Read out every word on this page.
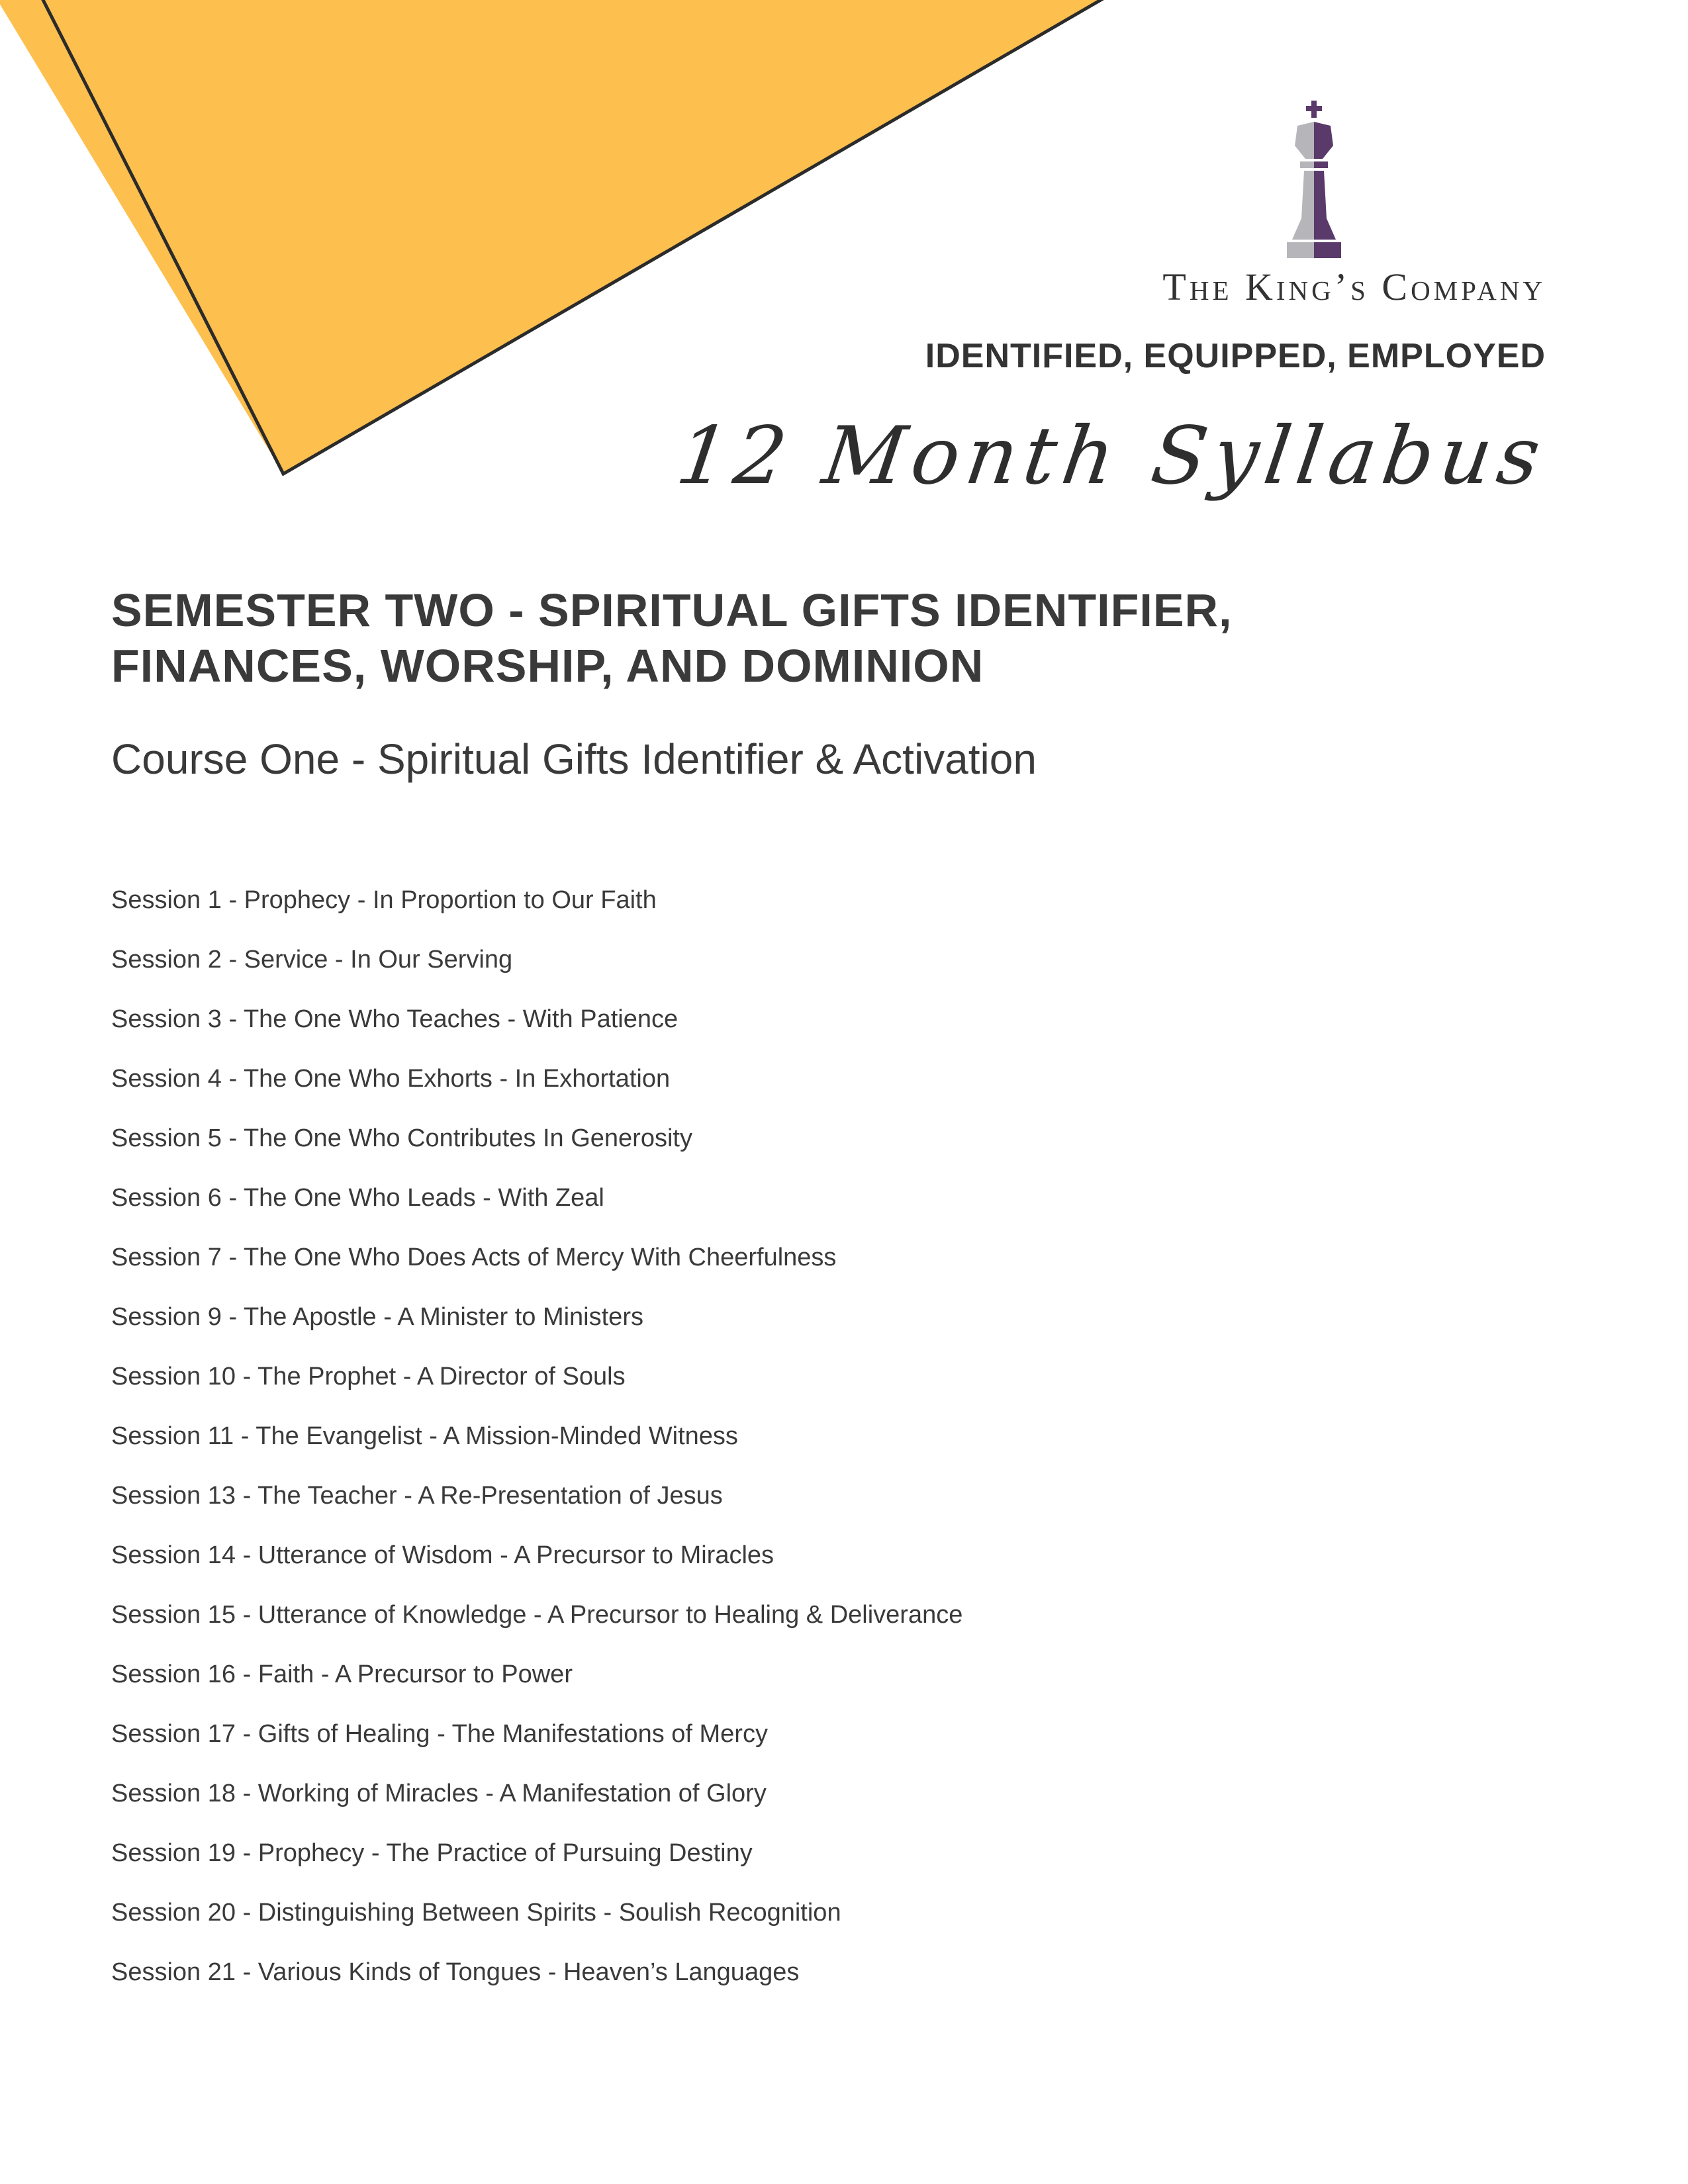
The King’s Company
IDENTIFIED, EQUIPPED, EMPLOYED
12 Month Syllabus
SEMESTER TWO - SPIRITUAL GIFTS IDENTIFIER,
FINANCES, WORSHIP, AND DOMINION
Course One - Spiritual Gifts Identifier & Activation
Session 1 - Prophecy - In Proportion to Our Faith
Session 2 - Service - In Our Serving
Session 3 - The One Who Teaches - With Patience
Session 4 - The One Who Exhorts - In Exhortation
Session 5 - The One Who Contributes In Generosity
Session 6 - The One Who Leads - With Zeal
Session 7 - The One Who Does Acts of Mercy With Cheerfulness
Session 9 - The Apostle - A Minister to Ministers
Session 10 - The Prophet - A Director of Souls
Session 11 - The Evangelist - A Mission-Minded Witness
Session 13 - The Teacher - A Re-Presentation of Jesus
Session 14 - Utterance of Wisdom - A Precursor to Miracles
Session 15 - Utterance of Knowledge - A Precursor to Healing & Deliverance
Session 16 - Faith - A Precursor to Power
Session 17 - Gifts of Healing - The Manifestations of Mercy
Session 18 - Working of Miracles - A Manifestation of Glory
Session 19 - Prophecy - The Practice of Pursuing Destiny
Session 20 - Distinguishing Between Spirits - Soulish Recognition
Session 21 - Various Kinds of Tongues - Heaven’s Languages
